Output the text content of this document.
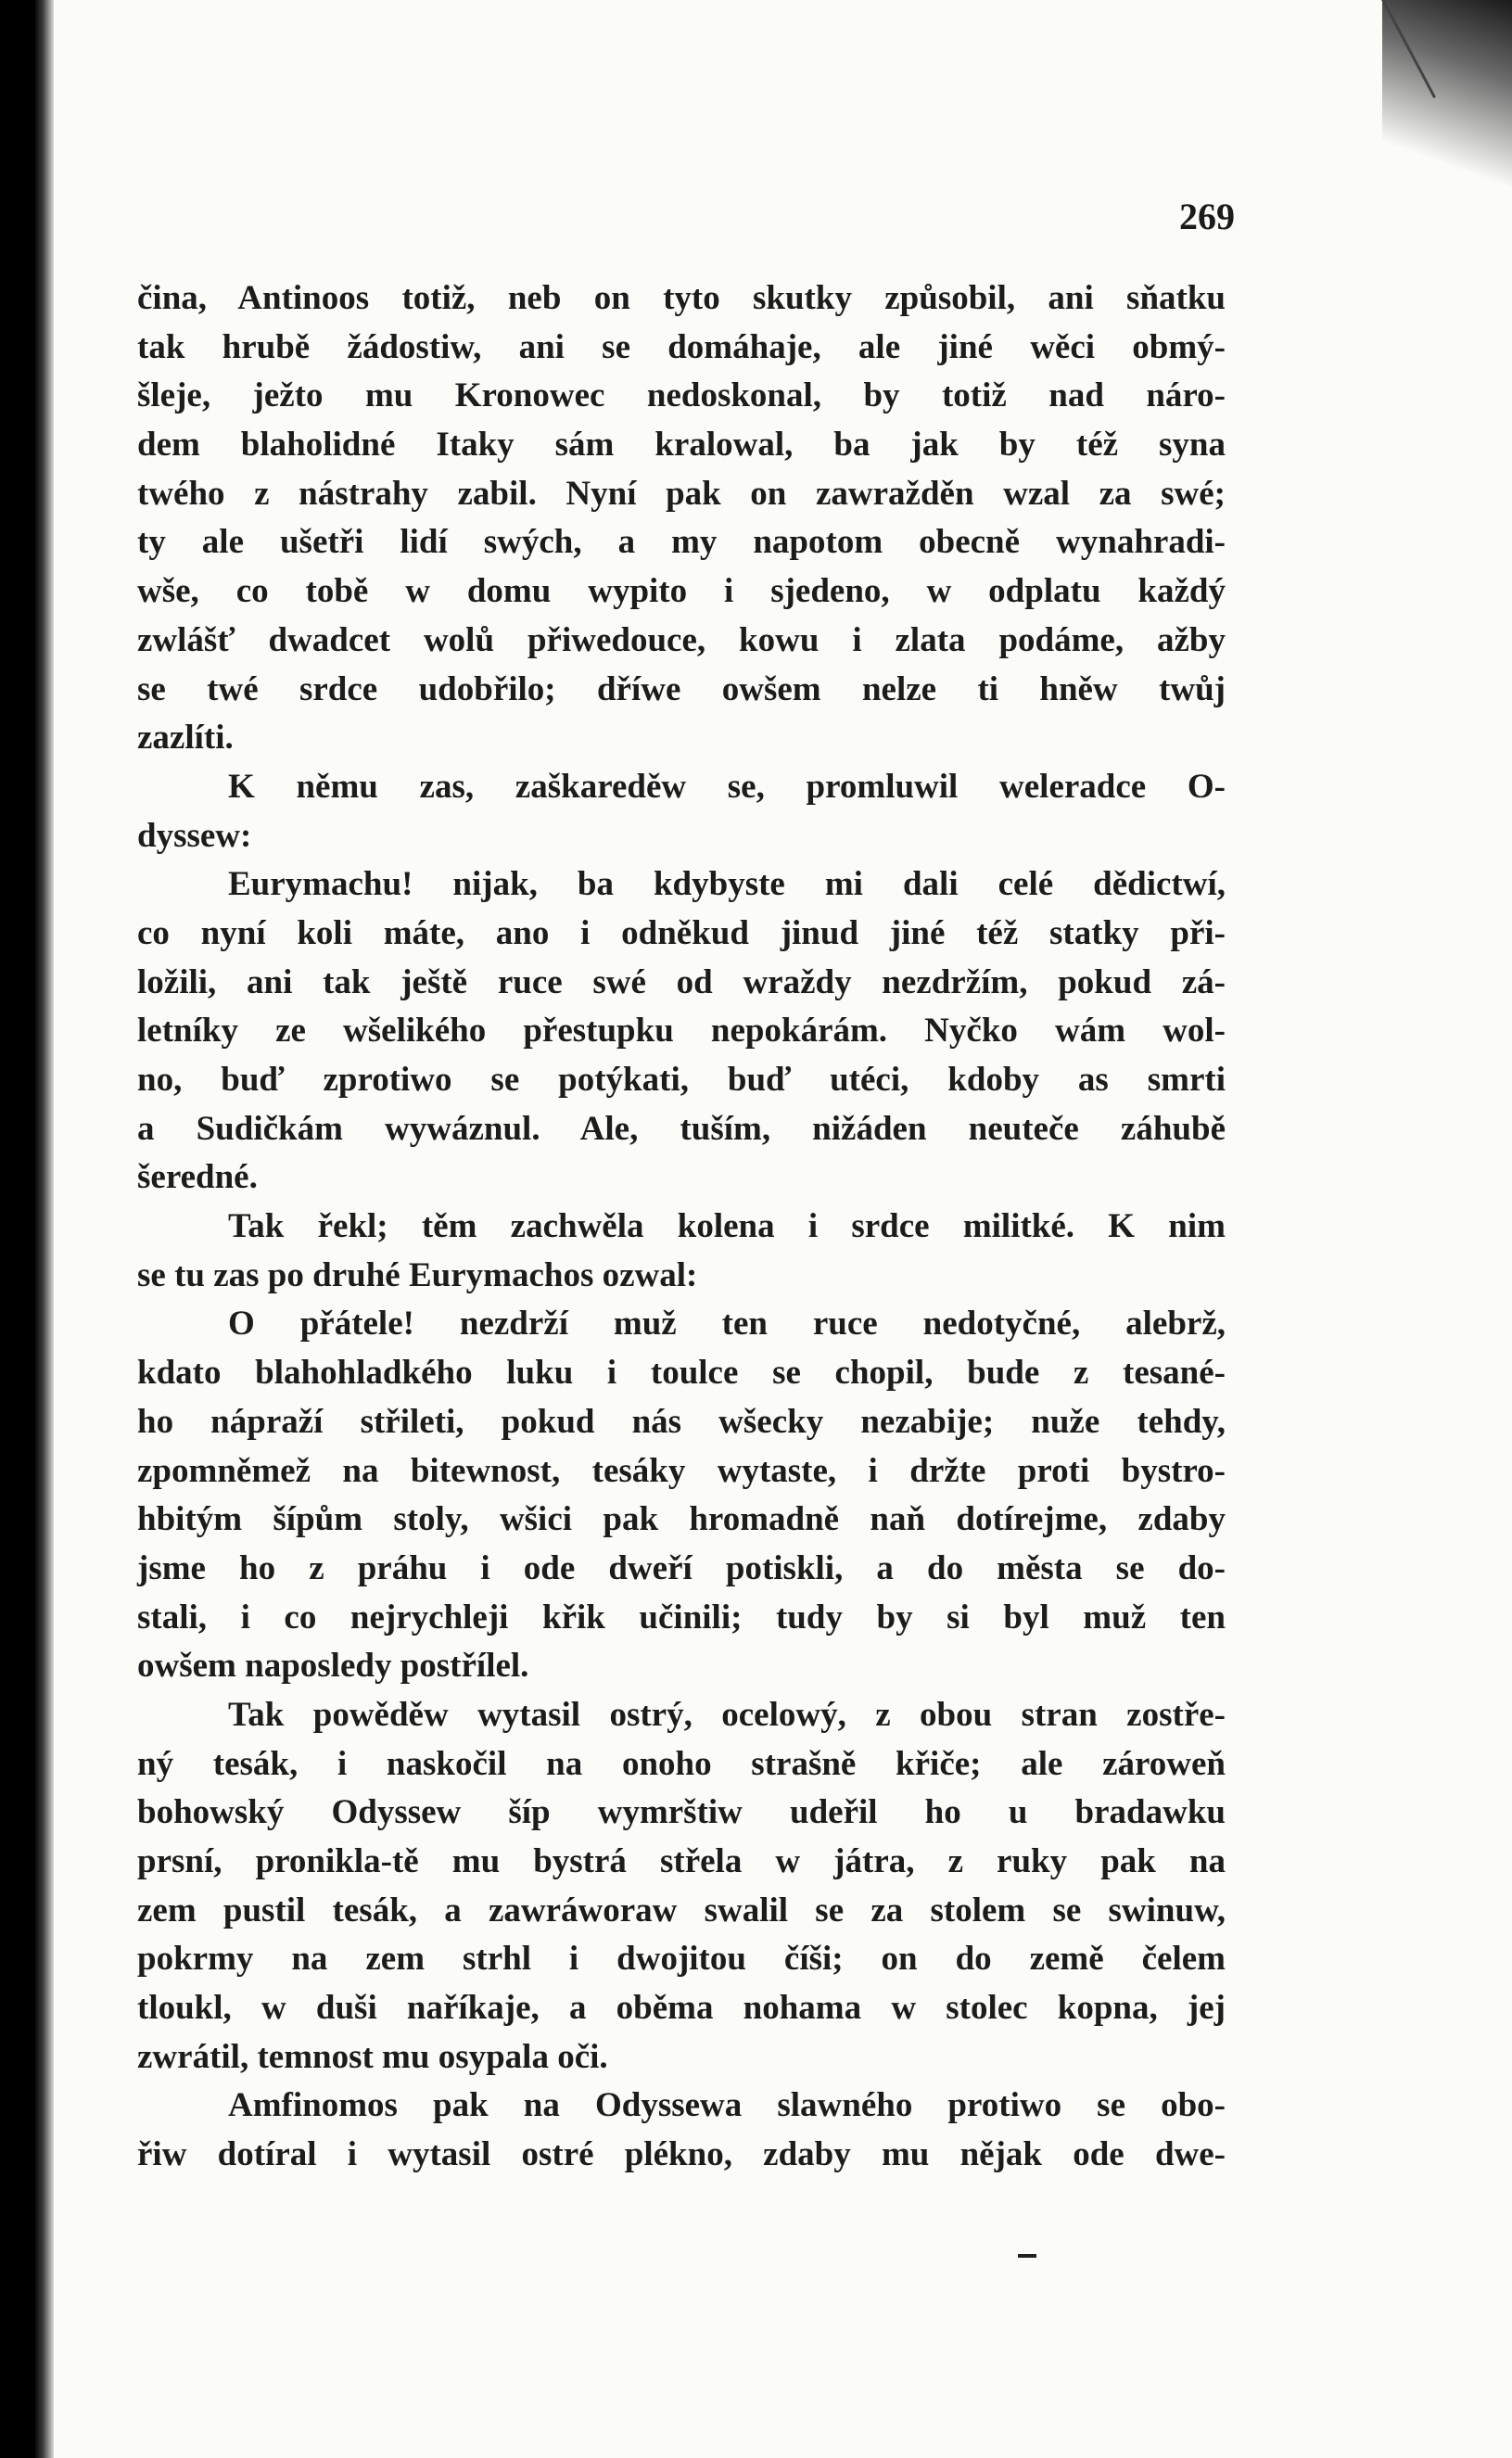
269
čina, Antinoos totiž, neb on tyto skutky způsobil, ani sňatku
tak hrubě žádostiw, ani se domáhaje, ale jiné wěci obmý-
šleje, ježto mu Kronowec nedoskonal, by totiž nad náro-
dem blaholidné Itaky sám kralowal, ba jak by též syna
twého z nástrahy zabil. Nyní pak on zawražděn wzal za swé;
ty ale ušetři lidí swých, a my napotom obecně wynahradi-
wše, co tobě w domu wypito i sjedeno, w odplatu každý
zwlášť dwadcet wolů přiwedouce, kowu i zlata podáme, ažby
se twé srdce udobřilo; dříwe owšem nelze ti hněw twůj
zazlíti.
K němu zas, zaškareděw se, promluwil weleradce O-
dyssew:
Eurymachu! nijak, ba kdybyste mi dali celé dědictwí,
co nyní koli máte, ano i odněkud jinud jiné též statky při-
ložili, ani tak ještě ruce swé od wraždy nezdržím, pokud zá-
letníky ze wšelikého přestupku nepokárám. Nyčko wám wol-
no, buď zprotiwo se potýkati, buď utéci, kdoby as smrti
a Sudičkám wywáznul. Ale, tuším, nižáden neuteče záhubě
šeredné.
Tak řekl; těm zachwěla kolena i srdce militké. K nim
se tu zas po druhé Eurymachos ozwal:
O přátele! nezdrží muž ten ruce nedotyčné, alebrž,
kdato blahohladkého luku i toulce se chopil, bude z tesané-
ho nápraží střileti, pokud nás wšecky nezabije; nuže tehdy,
zpomněmež na bitewnost, tesáky wytaste, i držte proti bystro-
hbitým šípům stoly, wšici pak hromadně naň dotírejme, zdaby
jsme ho z práhu i ode dweří potiskli, a do města se do-
stali, i co nejrychleji křik učinili; tudy by si byl muž ten
owšem naposledy postřílel.
Tak powěděw wytasil ostrý, ocelowý, z obou stran zostře-
ný tesák, i naskočil na onoho strašně křiče; ale zároweň
bohowský Odyssew šíp wymrštiw udeřil ho u bradawku
prsní, pronikla-tě mu bystrá střela w játra, z ruky pak na
zem pustil tesák, a zawráworaw swalil se za stolem se swinuw,
pokrmy na zem strhl i dwojitou číši; on do země čelem
tloukl, w duši naříkaje, a oběma nohama w stolec kopna, jej
zwrátil, temnost mu osypala oči.
Amfinomos pak na Odyssewa slawného protiwo se obo-
řiw dotíral i wytasil ostré plékno, zdaby mu nějak ode dwe-
